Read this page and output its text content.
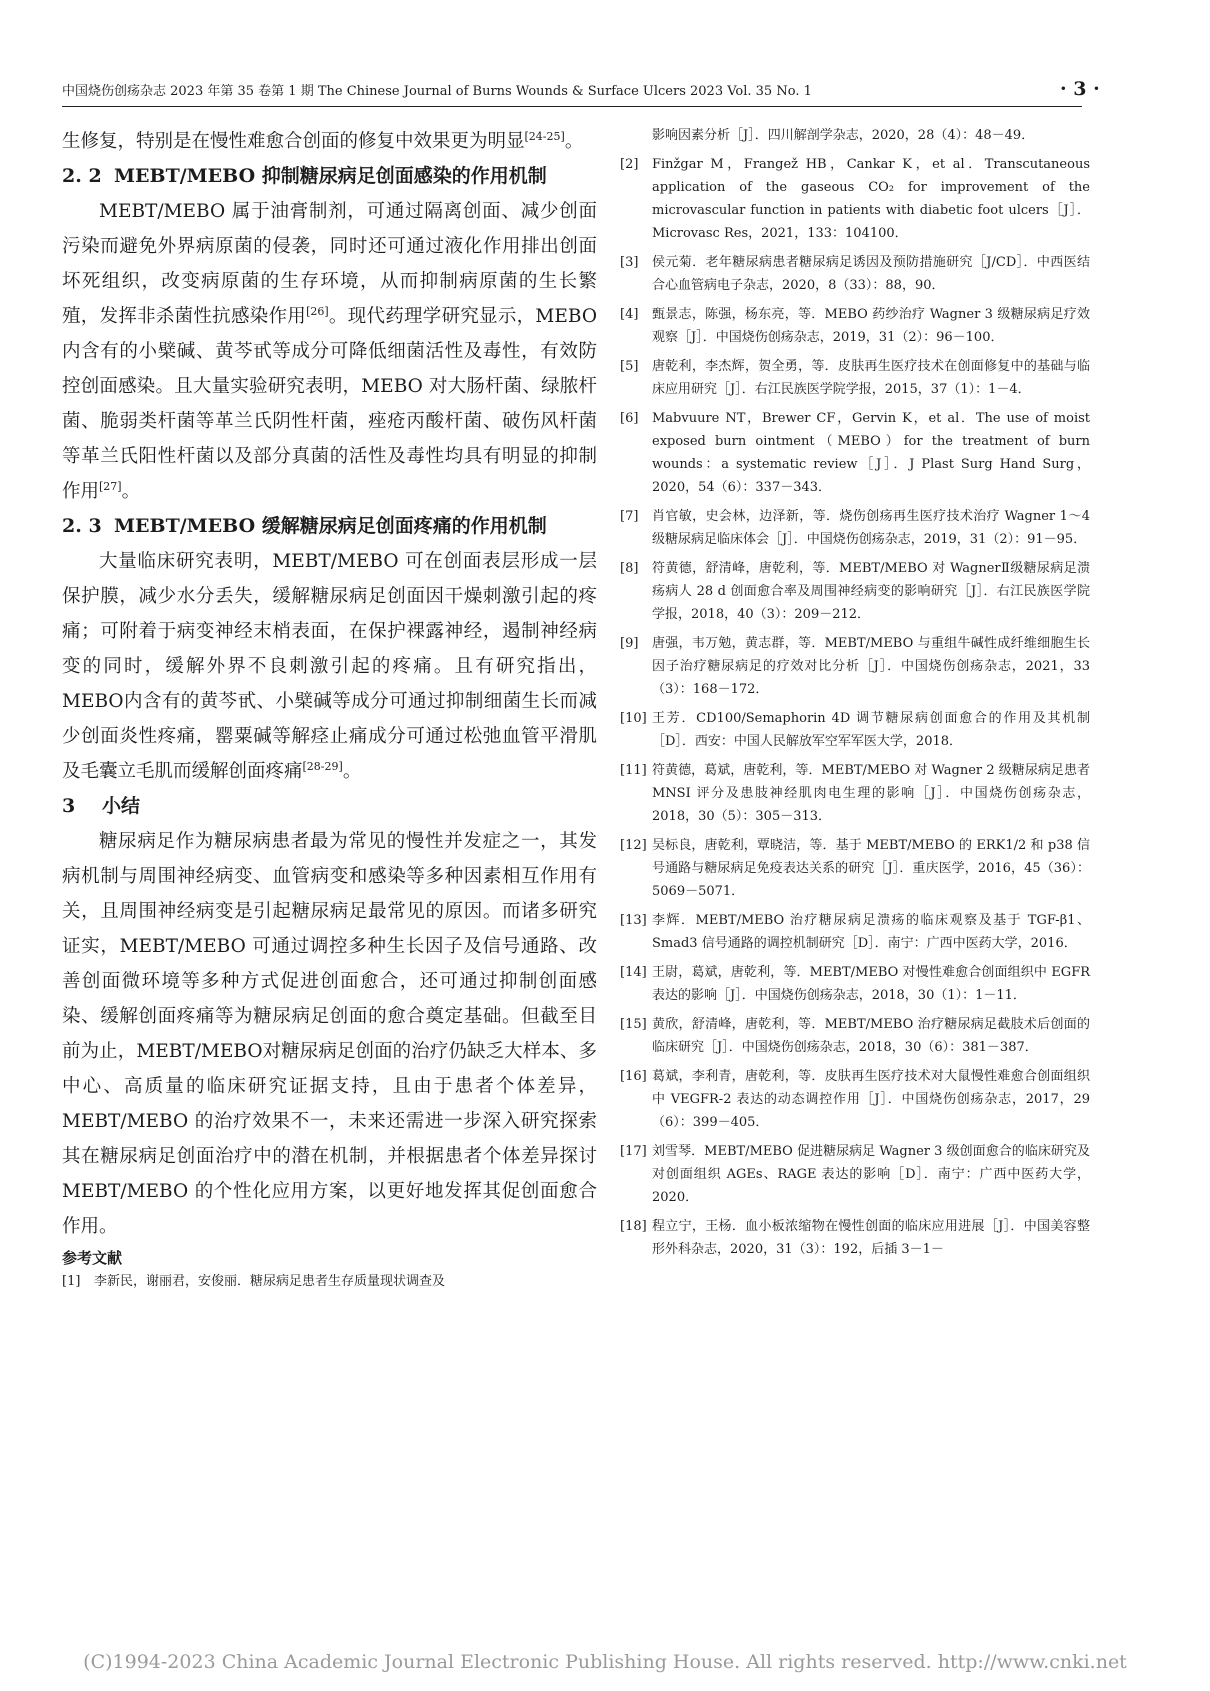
中国烧伤创疡杂志 2023 年第 35 卷第 1 期 The Chinese Journal of Burns Wounds & Surface Ulcers 2023 Vol. 35 No. 1	· 3 ·

生修复，特别是在慢性难愈合创面的修复中效果更为明显[24-25]。

2. 2 MEBT/MEBO 抑制糖尿病足创面感染的作用机制

MEBT/MEBO 属于油膏制剂，可通过隔离创面、减少创面污染而避免外界病原菌的侵袭，同时还可通过液化作用排出创面坏死组织，改变病原菌的生存环境，从而抑制病原菌的生长繁殖，发挥非杀菌性抗感染作用[26]。现代药理学研究显示，MEBO内含有的小檗碱、黄芩甙等成分可降低细菌活性及毒性，有效防控创面感染。且大量实验研究表明，MEBO 对大肠杆菌、绿脓杆菌、脆弱类杆菌等革兰氏阴性杆菌，痤疮丙酸杆菌、破伤风杆菌等革兰氏阳性杆菌以及部分真菌的活性及毒性均具有明显的抑制作用[27]。

2. 3 MEBT/MEBO 缓解糖尿病足创面疼痛的作用机制

大量临床研究表明，MEBT/MEBO 可在创面表层形成一层保护膜，减少水分丢失，缓解糖尿病足创面因干燥刺激引起的疼痛；可附着于病变神经末梢表面，在保护裸露神经，遏制神经病变的同时，缓解外界不良刺激引起的疼痛。且有研究指出，MEBO内含有的黄芩甙、小檗碱等成分可通过抑制细菌生长而减少创面炎性疼痛，罂粟碱等解痉止痛成分可通过松弛血管平滑肌及毛囊立毛肌而缓解创面疼痛[28-29]。

3 小结

糖尿病足作为糖尿病患者最为常见的慢性并发症之一，其发病机制与周围神经病变、血管病变和感染等多种因素相互作用有关，且周围神经病变是引起糖尿病足最常见的原因。而诸多研究证实，MEBT/MEBO 可通过调控多种生长因子及信号通路、改善创面微环境等多种方式促进创面愈合，还可通过抑制创面感染、缓解创面疼痛等为糖尿病足创面的愈合奠定基础。但截至目前为止，MEBT/MEBO对糖尿病足创面的治疗仍缺乏大样本、多中心、高质量的临床研究证据支持，且由于患者个体差异，MEBT/MEBO 的治疗效果不一，未来还需进一步深入研究探索其在糖尿病足创面治疗中的潜在机制，并根据患者个体差异探讨 MEBT/MEBO 的个性化应用方案，以更好地发挥其促创面愈合作用。

参考文献
[1]	李新民，谢丽君，安俊丽．糖尿病足患者生存质量现状调查及
影响因素分析［J］．四川解剖学杂志，2020，28（4）：48－49．
[2]	Finžgar M，Frangež HB，Cankar K，et al．Transcutaneous application of the gaseous CO₂ for improvement of the microvascular function in patients with diabetic foot ulcers［J］．Microvasc Res，2021，133：104100．
[3]	侯元菊．老年糖尿病患者糖尿病足诱因及预防措施研究［J/CD］．中西医结合心血管病电子杂志，2020，8（33）：88，90．
[4]	甄景志，陈强，杨东亮，等．MEBO 药纱治疗 Wagner 3 级糖尿病足疗效观察［J］．中国烧伤创疡杂志，2019，31（2）：96－100．
[5]	唐乾利，李杰辉，贺全勇，等．皮肤再生医疗技术在创面修复中的基础与临床应用研究［J］．右江民族医学院学报，2015，37（1）：1－4．
[6]	Mabvuure NT，Brewer CF，Gervin K，et al．The use of moist exposed burn ointment（MEBO）for the treatment of burn wounds：a systematic review［J］．J Plast Surg Hand Surg，2020，54（6）：337－343．
[7]	肖官敏，史会林，边泽新，等．烧伤创疡再生医疗技术治疗 Wagner 1～4 级糖尿病足临床体会［J］．中国烧伤创疡杂志，2019，31（2）：91－95．
[8]	符黄德，舒清峰，唐乾利，等．MEBT/MEBO 对 WagnerⅡ级糖尿病足溃疡病人 28 d 创面愈合率及周围神经病变的影响研究［J］．右江民族医学院学报，2018，40（3）：209－212．
[9]	唐强，韦万勉，黄志群，等．MEBT/MEBO 与重组牛碱性成纤维细胞生长因子治疗糖尿病足的疗效对比分析［J］．中国烧伤创疡杂志，2021，33（3）：168－172．
[10] 王芳．CD100/Semaphorin 4D 调节糖尿病创面愈合的作用及其机制［D］．西安：中国人民解放军空军军医大学，2018．
[11] 符黄德，葛斌，唐乾利，等．MEBT/MEBO 对 Wagner 2 级糖尿病足患者 MNSI 评分及患肢神经肌肉电生理的影响［J］．中国烧伤创疡杂志，2018，30（5）：305－313．
[12] 吴标良，唐乾利，覃晓洁，等．基于 MEBT/MEBO 的 ERK1/2 和 p38 信号通路与糖尿病足免疫表达关系的研究［J］．重庆医学，2016，45（36）：5069－5071．
[13] 李辉．MEBT/MEBO 治疗糖尿病足溃疡的临床观察及基于 TGF-β1、Smad3 信号通路的调控机制研究［D］．南宁：广西中医药大学，2016．
[14] 王尉，葛斌，唐乾利，等．MEBT/MEBO 对慢性难愈合创面组织中 EGFR 表达的影响［J］．中国烧伤创疡杂志，2018，30（1）：1－11．
[15] 黄欣，舒清峰，唐乾利，等．MEBT/MEBO 治疗糖尿病足截肢术后创面的临床研究［J］．中国烧伤创疡杂志，2018，30（6）：381－387．
[16] 葛斌，李利青，唐乾利，等．皮肤再生医疗技术对大鼠慢性难愈合创面组织中 VEGFR-2 表达的动态调控作用［J］．中国烧伤创疡杂志，2017，29（6）：399－405．
[17] 刘雪琴．MEBT/MEBO 促进糖尿病足 Wagner 3 级创面愈合的临床研究及对创面组织 AGEs、RAGE 表达的影响［D］．南宁：广西中医药大学，2020．
[18] 程立宁，王杨．血小板浓缩物在慢性创面的临床应用进展［J］．中国美容整形外科杂志，2020，31（3）：192，后插 3－1－
(C)1994-2023 China Academic Journal Electronic Publishing House. All rights reserved. http://www.cnki.net
